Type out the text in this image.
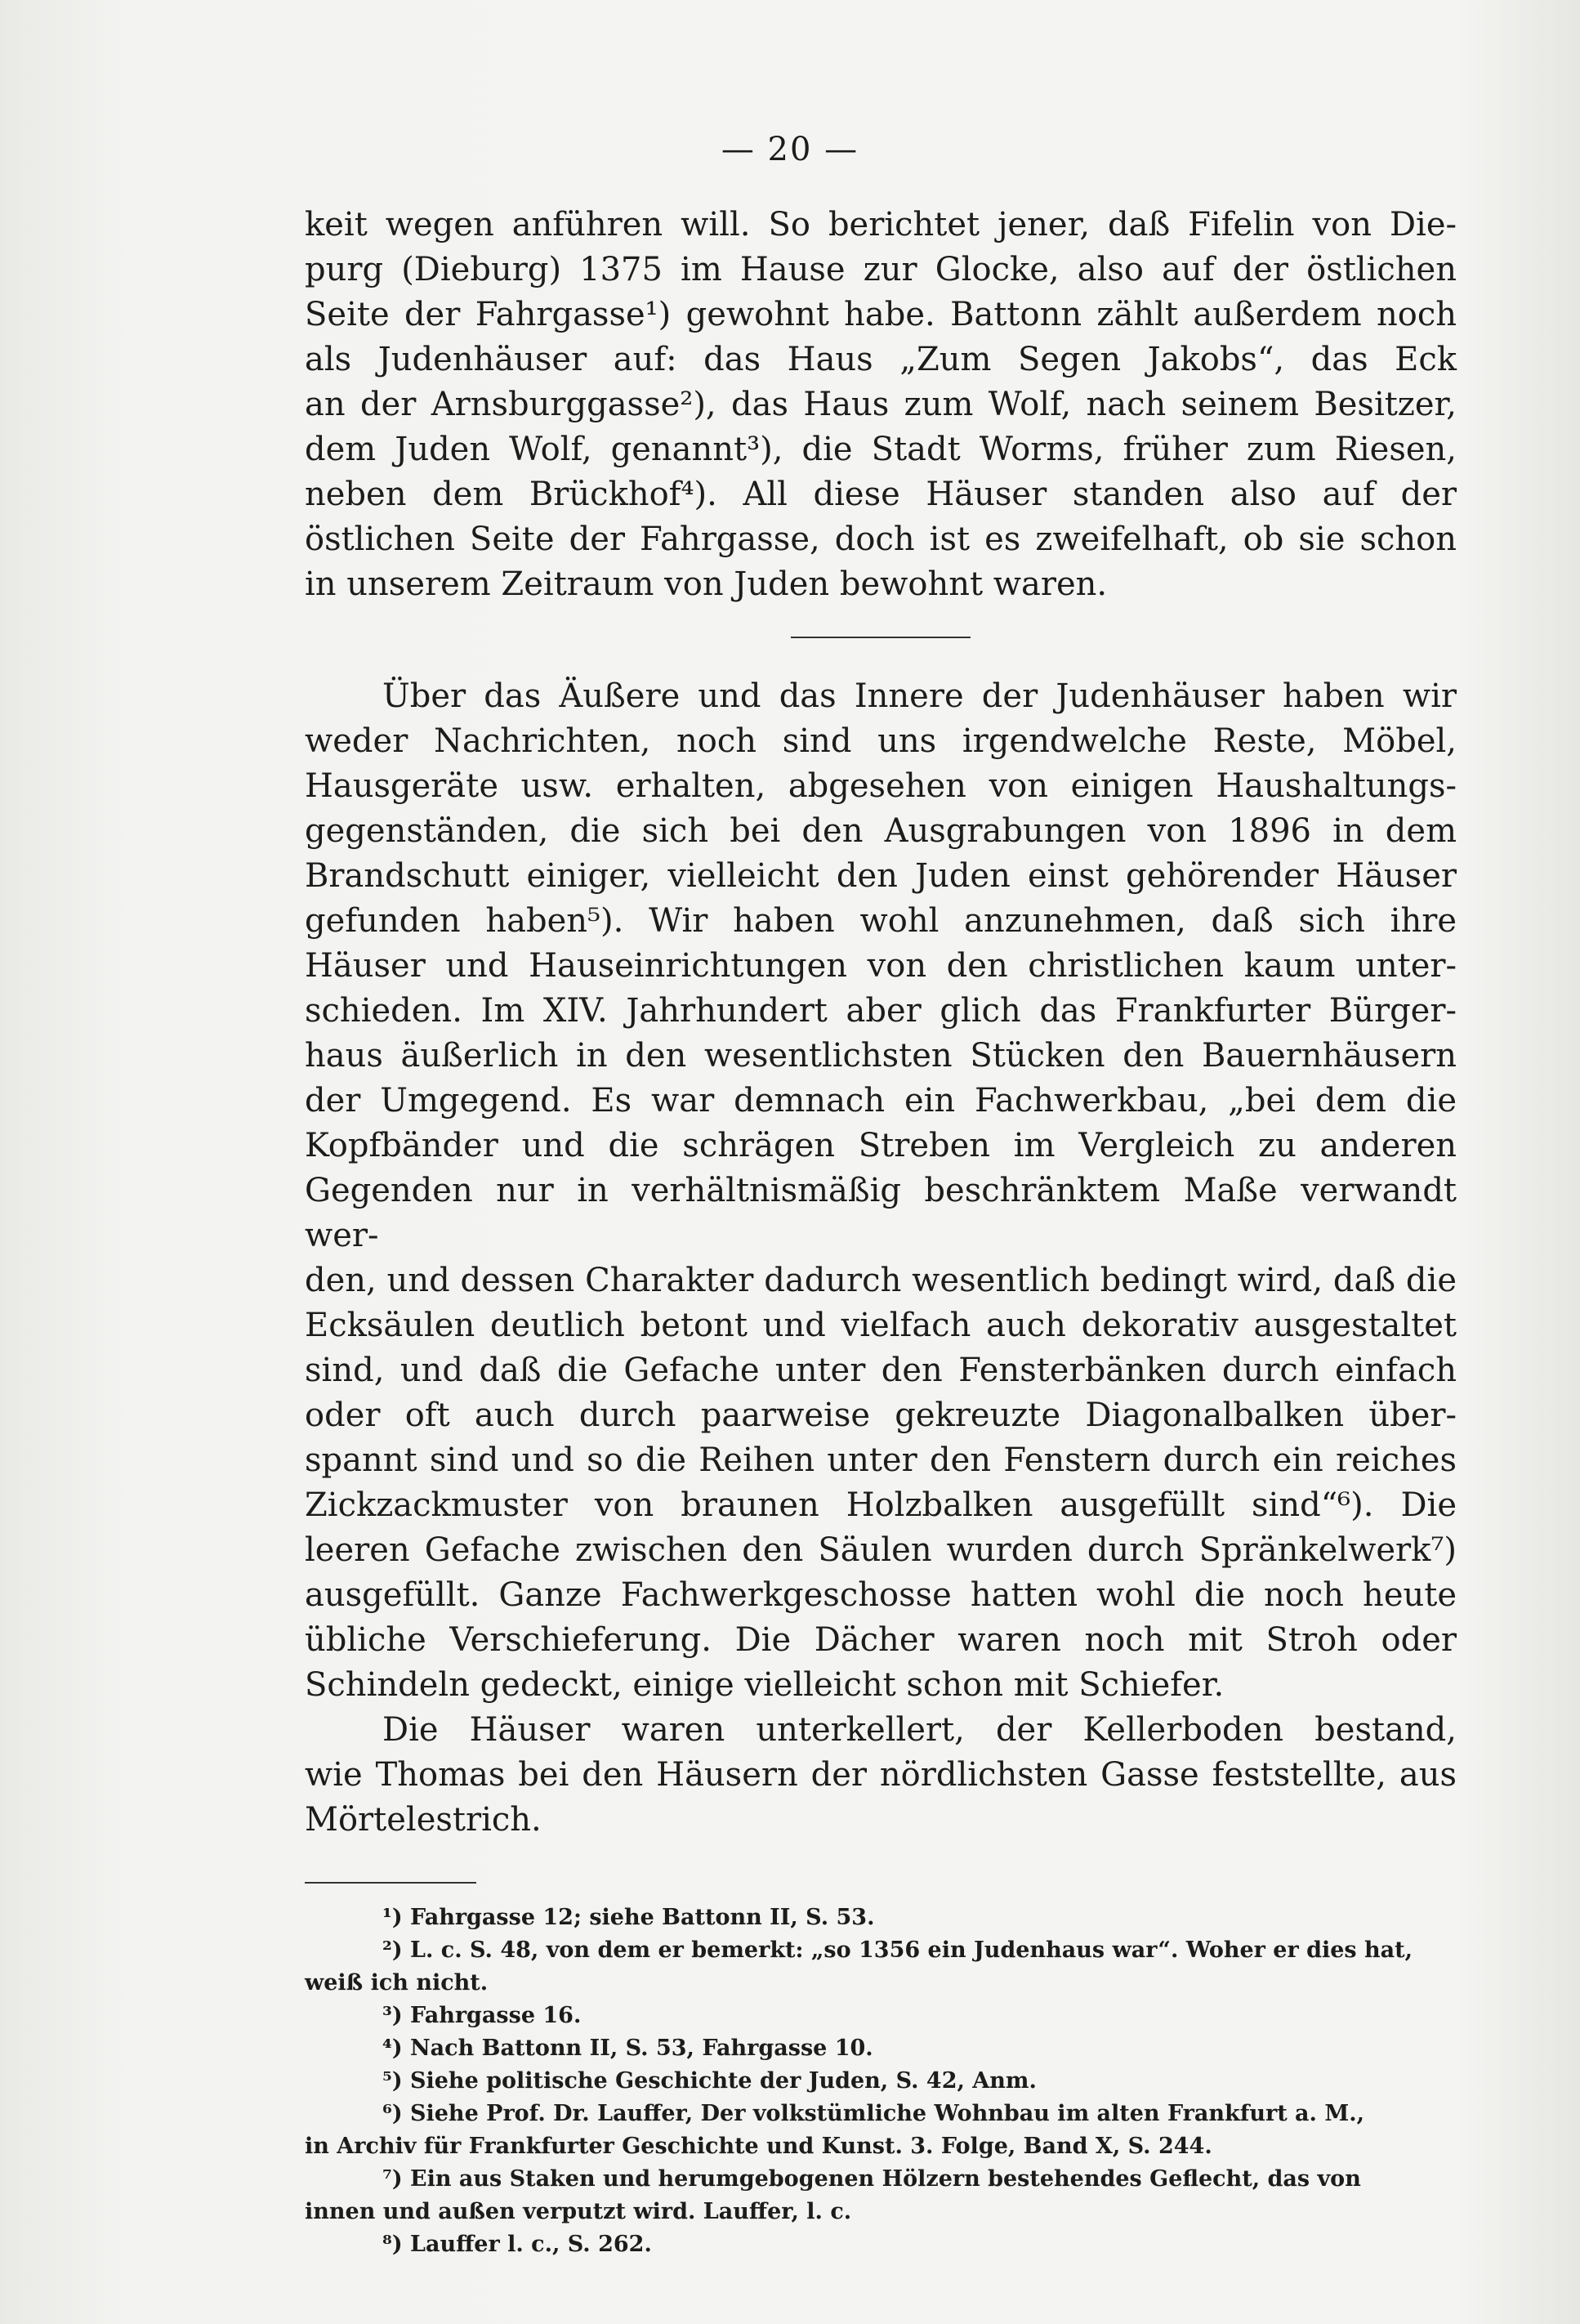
— 20 —
keit wegen anführen will. So berichtet jener, daß Fifelin von Die-
purg (Dieburg) 1375 im Hause zur Glocke, also auf der östlichen
Seite der Fahrgasse¹) gewohnt habe. Battonn zählt außerdem noch
als Judenhäuser auf: das Haus „Zum Segen Jakobs“, das Eck
an der Arnsburggasse²), das Haus zum Wolf, nach seinem Besitzer,
dem Juden Wolf, genannt³), die Stadt Worms, früher zum Riesen,
neben dem Brückhof⁴). All diese Häuser standen also auf der
östlichen Seite der Fahrgasse, doch ist es zweifelhaft, ob sie schon
in unserem Zeitraum von Juden bewohnt waren.
Über das Äußere und das Innere der Judenhäuser haben wir
weder Nachrichten, noch sind uns irgendwelche Reste, Möbel,
Hausgeräte usw. erhalten, abgesehen von einigen Haushaltungs-
gegenständen, die sich bei den Ausgrabungen von 1896 in dem
Brandschutt einiger, vielleicht den Juden einst gehörender Häuser
gefunden haben⁵). Wir haben wohl anzunehmen, daß sich ihre
Häuser und Hauseinrichtungen von den christlichen kaum unter-
schieden. Im XIV. Jahrhundert aber glich das Frankfurter Bürger-
haus äußerlich in den wesentlichsten Stücken den Bauernhäusern
der Umgegend. Es war demnach ein Fachwerkbau, „bei dem die
Kopfbänder und die schrägen Streben im Vergleich zu anderen
Gegenden nur in verhältnismäßig beschränktem Maße verwandt wer-
den, und dessen Charakter dadurch wesentlich bedingt wird, daß die
Ecksäulen deutlich betont und vielfach auch dekorativ ausgestaltet
sind, und daß die Gefache unter den Fensterbänken durch einfach
oder oft auch durch paarweise gekreuzte Diagonalbalken über-
spannt sind und so die Reihen unter den Fenstern durch ein reiches
Zickzackmuster von braunen Holzbalken ausgefüllt sind“⁶). Die
leeren Gefache zwischen den Säulen wurden durch Spränkelwerk⁷)
ausgefüllt. Ganze Fachwerkgeschosse hatten wohl die noch heute
übliche Verschieferung. Die Dächer waren noch mit Stroh oder
Schindeln gedeckt, einige vielleicht schon mit Schiefer.
Die Häuser waren unterkellert, der Kellerboden bestand,
wie Thomas bei den Häusern der nördlichsten Gasse feststellte, aus
Mörtelestrich.

¹) Fahrgasse 12; siehe Battonn II, S. 53.

²) L. c. S. 48, von dem er bemerkt: „so 1356 ein Judenhaus war“. Woher er dies hat,

weiß ich nicht.

³) Fahrgasse 16.

⁴) Nach Battonn II, S. 53, Fahrgasse 10.

⁵) Siehe politische Geschichte der Juden, S. 42, Anm.

⁶) Siehe Prof. Dr. Lauffer, Der volkstümliche Wohnbau im alten Frankfurt a. M.,

in Archiv für Frankfurter Geschichte und Kunst. 3. Folge, Band X, S. 244.

⁷) Ein aus Staken und herumgebogenen Hölzern bestehendes Geflecht, das von

innen und außen verputzt wird. Lauffer, l. c.

⁸) Lauffer l. c., S. 262.
